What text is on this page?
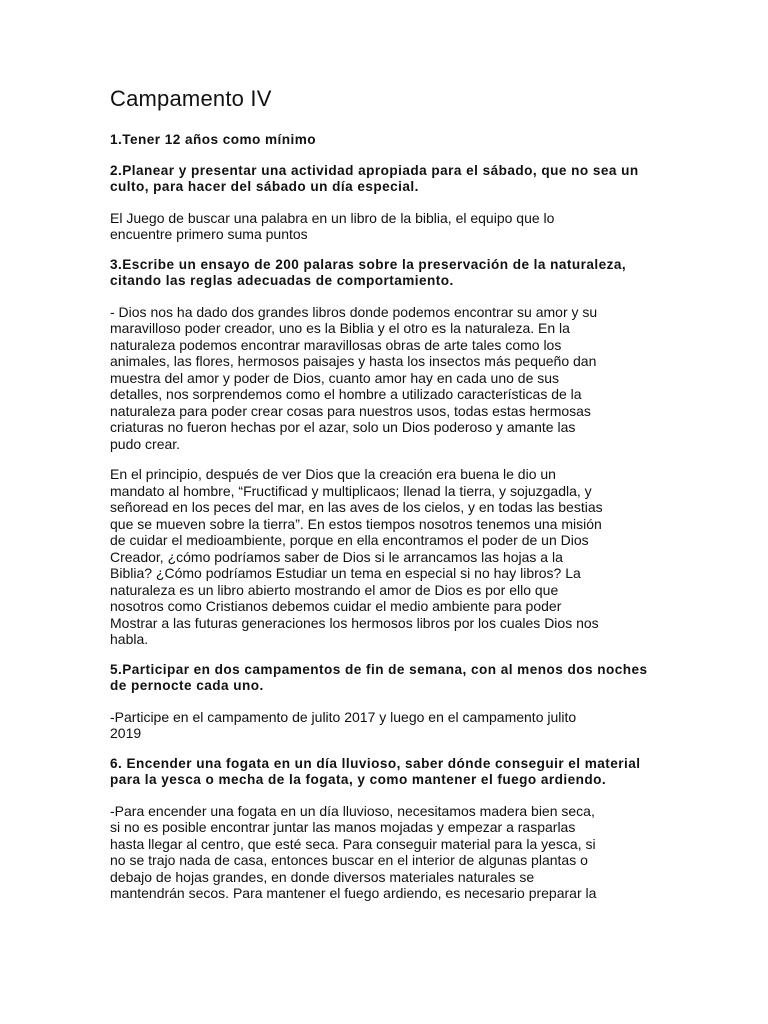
Campamento IV

1.Tener 12 años como mínimo

2.Planear y presentar una actividad apropiada para el sábado, que no sea un culto, para hacer del sábado un día especial.

El Juego de buscar una palabra en un libro de la biblia, el equipo que lo
encuentre primero suma puntos

3.Escribe un ensayo de 200 palaras sobre la preservación de la naturaleza, citando las reglas adecuadas de comportamiento.

- Dios nos ha dado dos grandes libros donde podemos encontrar su amor y su
maravilloso poder creador, uno es la Biblia y el otro es la naturaleza. En la
naturaleza podemos encontrar maravillosas obras de arte tales como los
animales, las flores, hermosos paisajes y hasta los insectos más pequeño dan
muestra del amor y poder de Dios, cuanto amor hay en cada uno de sus
detalles, nos sorprendemos como el hombre a utilizado características de la
naturaleza para poder crear cosas para nuestros usos, todas estas hermosas
criaturas no fueron hechas por el azar, solo un Dios poderoso y amante las
pudo crear.

En el principio, después de ver Dios que la creación era buena le dio un
mandato al hombre, “Fructificad y multiplicaos; llenad la tierra, y sojuzgadla, y
señoread en los peces del mar, en las aves de los cielos, y en todas las bestias
que se mueven sobre la tierra”. En estos tiempos nosotros tenemos una misión
de cuidar el medioambiente, porque en ella encontramos el poder de un Dios
Creador, ¿cómo podríamos saber de Dios si le arrancamos las hojas a la
Biblia? ¿Cómo podríamos Estudiar un tema en especial si no hay libros? La
naturaleza es un libro abierto mostrando el amor de Dios es por ello que
nosotros como Cristianos debemos cuidar el medio ambiente para poder
Mostrar a las futuras generaciones los hermosos libros por los cuales Dios nos
habla.

5.Participar en dos campamentos de fin de semana, con al menos dos noches de pernocte cada uno.

-Participe en el campamento de julito 2017 y luego en el campamento julito
2019

6. Encender una fogata en un día lluvioso, saber dónde conseguir el material para la yesca o mecha de la fogata, y como mantener el fuego ardiendo.

-Para encender una fogata en un día lluvioso, necesitamos madera bien seca,
si no es posible encontrar juntar las manos mojadas y empezar a rasparlas
hasta llegar al centro, que esté seca. Para conseguir material para la yesca, si
no se trajo nada de casa, entonces buscar en el interior de algunas plantas o
debajo de hojas grandes, en donde diversos materiales naturales se
mantendrán secos. Para mantener el fuego ardiendo, es necesario preparar la
